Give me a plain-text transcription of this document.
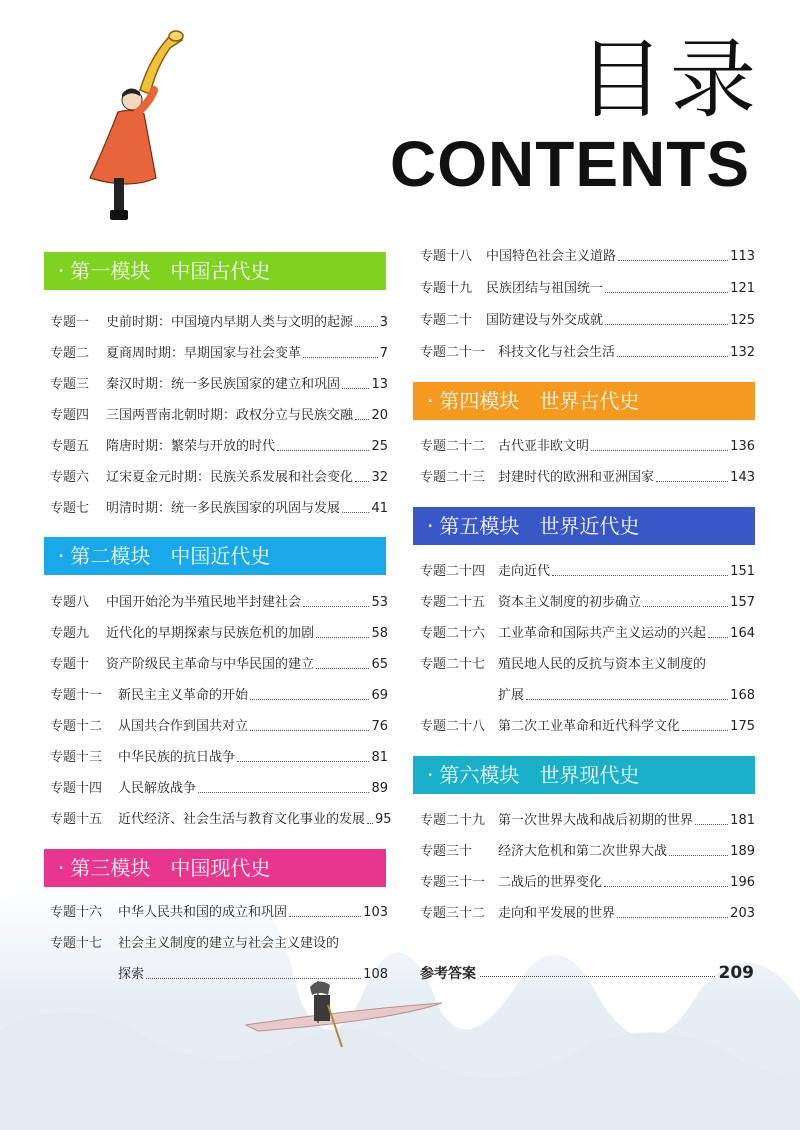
目录
CONTENTS
· 第一模块 中国古代史
专题一	史前时期：中国境内早期人类与文明的起源 3
专题二	夏商周时期：早期国家与社会变革	7
专题三	秦汉时期：统一多民族国家的建立和巩固 13
专题四	三国两晋南北朝时期：政权分立与民族交融 20
专题五	隋唐时期：繁荣与开放的时代	25
专题六	辽宋夏金元时期：民族关系发展和社会变化 32
专题七	明清时期：统一多民族国家的巩固与发展 41
· 第二模块 中国近代史
专题八	中国开始沦为半殖民地半封建社会	53
专题九	近代化的早期探索与民族危机的加剧	58
专题十	资产阶级民主革命与中华民国的建立	65
专题十一	新民主主义革命的开始	69
专题十二	从国共合作到国共对立	76
专题十三	中华民族的抗日战争	81
专题十四	人民解放战争	89
专题十五	近代经济、社会生活与教育文化事业的发展 95
· 第三模块 中国现代史
专题十六	中华人民共和国的成立和巩固	103
专题十七 社会主义制度的建立与社会主义建设的
探索	108
专题十八	中国特色社会主义道路	113
专题十九	民族团结与祖国统一	121
专题二十	国防建设与外交成就	125
专题二十一 科技文化与社会生活	132
· 第四模块 世界古代史
专题二十二 古代亚非欧文明	136
专题二十三 封建时代的欧洲和亚洲国家	143
· 第五模块 世界近代史
专题二十四 走向近代	151
专题二十五 资本主义制度的初步确立	157
专题二十六 工业革命和国际共产主义运动的兴起 164
专题二十七 殖民地人民的反抗与资本主义制度的
扩展	168
专题二十八 第二次工业革命和近代科学文化	175
· 第六模块 世界现代史
专题二十九 第一次世界大战和战后初期的世界	181
专题三十	经济大危机和第二次世界大战	189
专题三十一 二战后的世界变化	196
专题三十二 走向和平发展的世界	203
参考答案	209
